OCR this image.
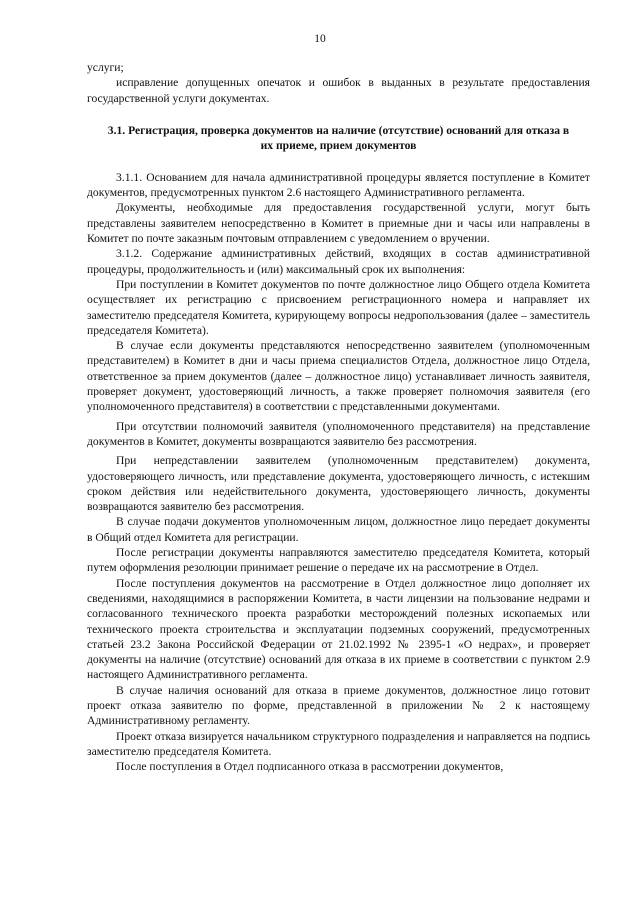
10

услуги;

исправление допущенных опечаток и ошибок в выданных в результате предоставления государственной услуги документах.

3.1. Регистрация, проверка документов на наличие (отсутствие) оснований для отказа в их приеме, прием документов

3.1.1. Основанием для начала административной процедуры является поступление в Комитет документов, предусмотренных пунктом 2.6 настоящего Административного регламента.

Документы, необходимые для предоставления государственной услуги, могут быть представлены заявителем непосредственно в Комитет в приемные дни и часы или направлены в Комитет по почте заказным почтовым отправлением с уведомлением о вручении.

3.1.2. Содержание административных действий, входящих в состав административной процедуры, продолжительность и (или) максимальный срок их выполнения:

При поступлении в Комитет документов по почте должностное лицо Общего отдела Комитета осуществляет их регистрацию с присвоением регистрационного номера и направляет их заместителю председателя Комитета, курирующему вопросы недропользования (далее – заместитель председателя Комитета).

В случае если документы представляются непосредственно заявителем (уполномоченным представителем) в Комитет в дни и часы приема специалистов Отдела, должностное лицо Отдела, ответственное за прием документов (далее – должностное лицо) устанавливает личность заявителя, проверяет документ, удостоверяющий личность, а также проверяет полномочия заявителя (его уполномоченного представителя) в соответствии с представленными документами.

При отсутствии полномочий заявителя (уполномоченного представителя) на представление документов в Комитет, документы возвращаются заявителю без рассмотрения.

При непредставлении заявителем (уполномоченным представителем) документа, удостоверяющего личность, или представление документа, удостоверяющего личность, с истекшим сроком действия или недействительного документа, удостоверяющего личность, документы возвращаются заявителю без рассмотрения.

В случае подачи документов уполномоченным лицом, должностное лицо передает документы в Общий отдел Комитета для регистрации.

После регистрации документы направляются заместителю председателя Комитета, который путем оформления резолюции принимает решение о передаче их на рассмотрение в Отдел.

После поступления документов на рассмотрение в Отдел должностное лицо дополняет их сведениями, находящимися в распоряжении Комитета, в части лицензии на пользование недрами и согласованного технического проекта разработки месторождений полезных ископаемых или технического проекта строительства и эксплуатации подземных сооружений, предусмотренных статьей 23.2 Закона Российской Федерации от 21.02.1992 № 2395-1 «О недрах», и проверяет документы на наличие (отсутствие) оснований для отказа в их приеме в соответствии с пунктом 2.9 настоящего Административного регламента.

В случае наличия оснований для отказа в приеме документов, должностное лицо готовит проект отказа заявителю по форме, представленной в приложении № 2 к настоящему Административному регламенту.

Проект отказа визируется начальником структурного подразделения и направляется на подпись заместителю председателя Комитета.

После поступления в Отдел подписанного отказа в рассмотрении документов,
